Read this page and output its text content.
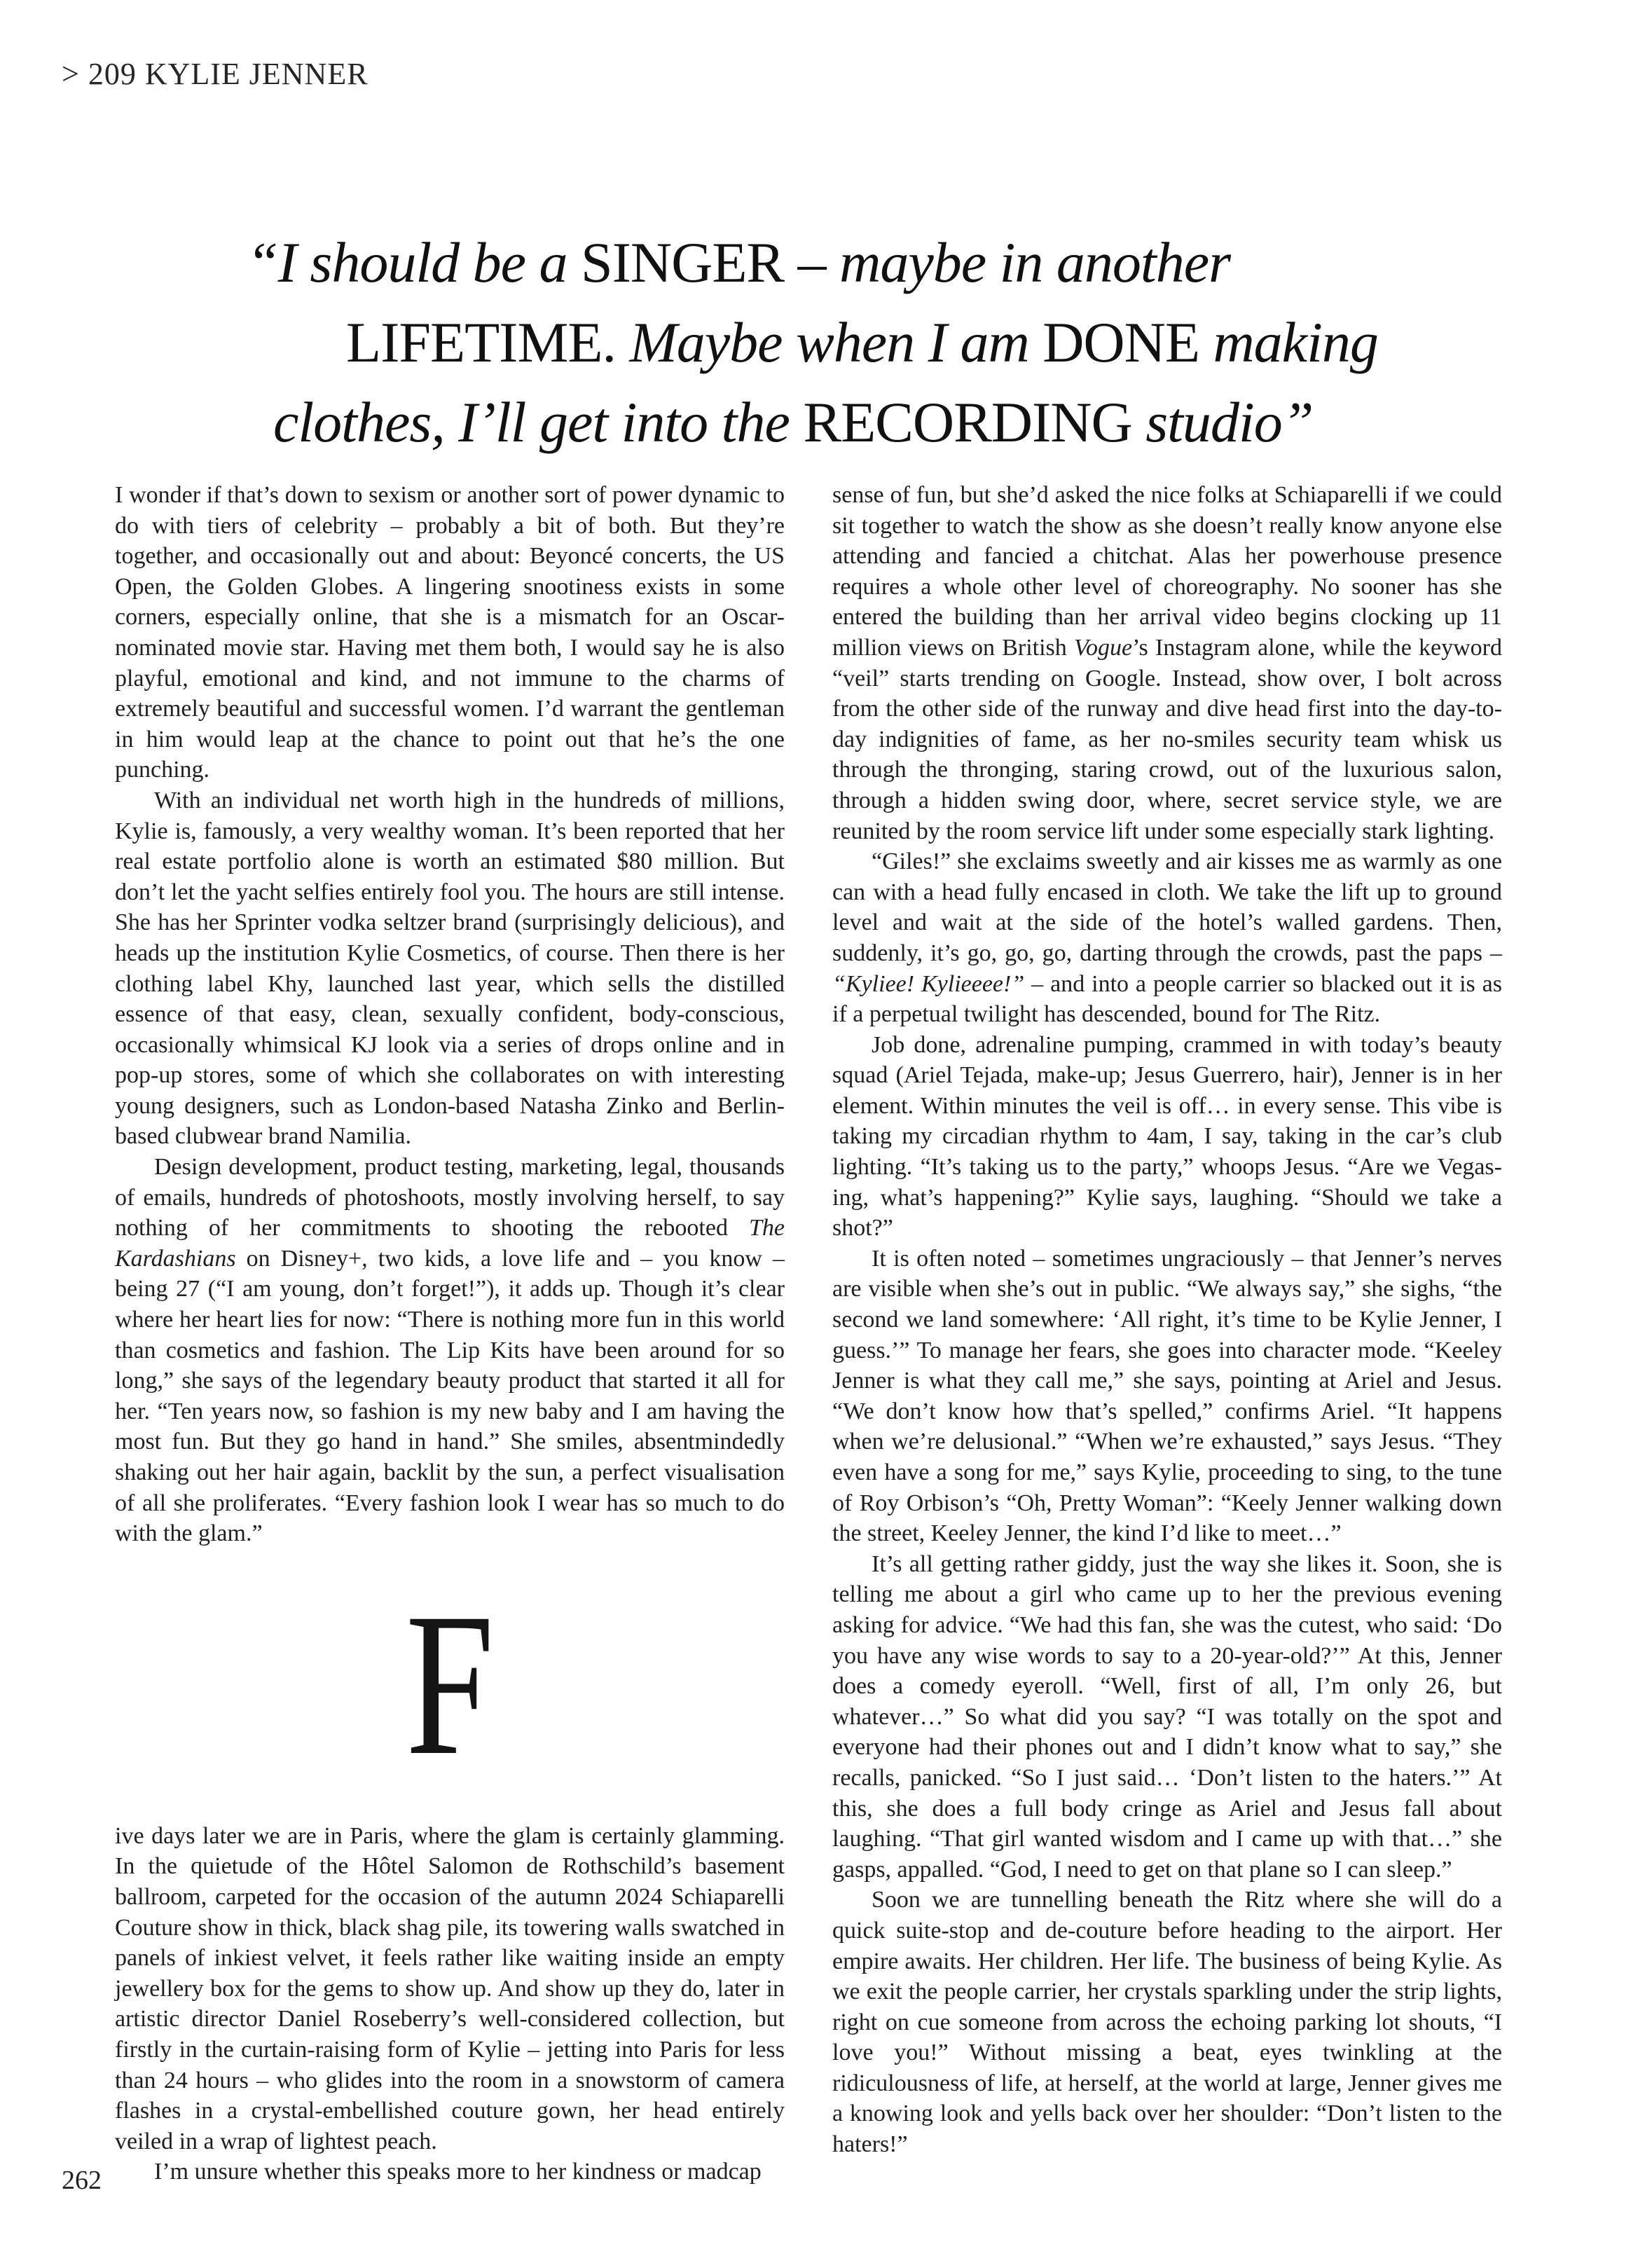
> 209 KYLIE JENNER
“I should be a SINGER – maybe in another
LIFETIME. Maybe when I am DONE making
clothes, I’ll get into the RECORDING studio”

I wonder if that’s down to sexism or another sort of power dynamic to do with tiers of celebrity – probably a bit of both. But they’re together, and occasionally out and about: Beyoncé concerts, the US Open, the Golden Globes. A lingering snootiness exists in some corners, especially online, that she is a mismatch for an Oscar-nominated movie star. Having met them both, I would say he is also playful, emotional and kind, and not immune to the charms of extremely beautiful and successful women. I’d warrant the gentleman in him would leap at the chance to point out that he’s the one punching.

With an individual net worth high in the hundreds of millions, Kylie is, famously, a very wealthy woman. It’s been reported that her real estate portfolio alone is worth an estimated $80 million. But don’t let the yacht selfies entirely fool you. The hours are still intense. She has her Sprinter vodka seltzer brand (surprisingly delicious), and heads up the institution Kylie Cosmetics, of course. Then there is her clothing label Khy, launched last year, which sells the distilled essence of that easy, clean, sexually confident, body-conscious, occasionally whimsical KJ look via a series of drops online and in pop-up stores, some of which she collaborates on with interesting young designers, such as London-based Natasha Zinko and Berlin-based clubwear brand Namilia.

Design development, product testing, marketing, legal, thousands of emails, hundreds of photoshoots, mostly involving herself, to say nothing of her commitments to shooting the rebooted The Kardashians on Disney+, two kids, a love life and – you know – being 27 (“I am young, don’t forget!”), it adds up. Though it’s clear where her heart lies for now: “There is nothing more fun in this world than cosmetics and fashion. The Lip Kits have been around for so long,” she says of the legendary beauty product that started it all for her. “Ten years now, so fashion is my new baby and I am having the most fun. But they go hand in hand.” She smiles, absentmindedly shaking out her hair again, backlit by the sun, a perfect visualisation of all she proliferates. “Every fashion look I wear has so much to do with the glam.”

F

ive days later we are in Paris, where the glam is certainly glamming. In the quietude of the Hôtel Salomon de Rothschild’s basement ballroom, carpeted for the occasion of the autumn 2024 Schiaparelli Couture show in thick, black shag pile, its towering walls swatched in panels of inkiest velvet, it feels rather like waiting inside an empty jewellery box for the gems to show up. And show up they do, later in artistic director Daniel Roseberry’s well-considered collection, but firstly in the curtain-raising form of Kylie – jetting into Paris for less than 24 hours – who glides into the room in a snowstorm of camera flashes in a crystal-embellished couture gown, her head entirely veiled in a wrap of lightest peach.

I’m unsure whether this speaks more to her kindness or madcap

sense of fun, but she’d asked the nice folks at Schiaparelli if we could sit together to watch the show as she doesn’t really know anyone else attending and fancied a chitchat. Alas her powerhouse presence requires a whole other level of choreography. No sooner has she entered the building than her arrival video begins clocking up 11 million views on British Vogue’s Instagram alone, while the keyword “veil” starts trending on Google. Instead, show over, I bolt across from the other side of the runway and dive head first into the day-to-day indignities of fame, as her no-smiles security team whisk us through the thronging, staring crowd, out of the luxurious salon, through a hidden swing door, where, secret service style, we are reunited by the room service lift under some especially stark lighting.

“Giles!” she exclaims sweetly and air kisses me as warmly as one can with a head fully encased in cloth. We take the lift up to ground level and wait at the side of the hotel’s walled gardens. Then, suddenly, it’s go, go, go, darting through the crowds, past the paps – “Kyliee! Kylieeee!” – and into a people carrier so blacked out it is as if a perpetual twilight has descended, bound for The Ritz.

Job done, adrenaline pumping, crammed in with today’s beauty squad (Ariel Tejada, make-up; Jesus Guerrero, hair), Jenner is in her element. Within minutes the veil is off… in every sense. This vibe is taking my circadian rhythm to 4am, I say, taking in the car’s club lighting. “It’s taking us to the party,” whoops Jesus. “Are we Vegas-ing, what’s happening?” Kylie says, laughing. “Should we take a shot?”

It is often noted – sometimes ungraciously – that Jenner’s nerves are visible when she’s out in public. “We always say,” she sighs, “the second we land somewhere: ‘All right, it’s time to be Kylie Jenner, I guess.’” To manage her fears, she goes into character mode. “Keeley Jenner is what they call me,” she says, pointing at Ariel and Jesus. “We don’t know how that’s spelled,” confirms Ariel. “It happens when we’re delusional.” “When we’re exhausted,” says Jesus. “They even have a song for me,” says Kylie, proceeding to sing, to the tune of Roy Orbison’s “Oh, Pretty Woman”: “Keely Jenner walking down the street, Keeley Jenner, the kind I’d like to meet…”

It’s all getting rather giddy, just the way she likes it. Soon, she is telling me about a girl who came up to her the previous evening asking for advice. “We had this fan, she was the cutest, who said: ‘Do you have any wise words to say to a 20-year-old?’” At this, Jenner does a comedy eyeroll. “Well, first of all, I’m only 26, but whatever…” So what did you say? “I was totally on the spot and everyone had their phones out and I didn’t know what to say,” she recalls, panicked. “So I just said… ‘Don’t listen to the haters.’” At this, she does a full body cringe as Ariel and Jesus fall about laughing. “That girl wanted wisdom and I came up with that…” she gasps, appalled. “God, I need to get on that plane so I can sleep.”

Soon we are tunnelling beneath the Ritz where she will do a quick suite-stop and de-couture before heading to the airport. Her empire awaits. Her children. Her life. The business of being Kylie. As we exit the people carrier, her crystals sparkling under the strip lights, right on cue someone from across the echoing parking lot shouts, “I love you!” Without missing a beat, eyes twinkling at the ridiculousness of life, at herself, at the world at large, Jenner gives me a knowing look and yells back over her shoulder: “Don’t listen to the haters!”

262
